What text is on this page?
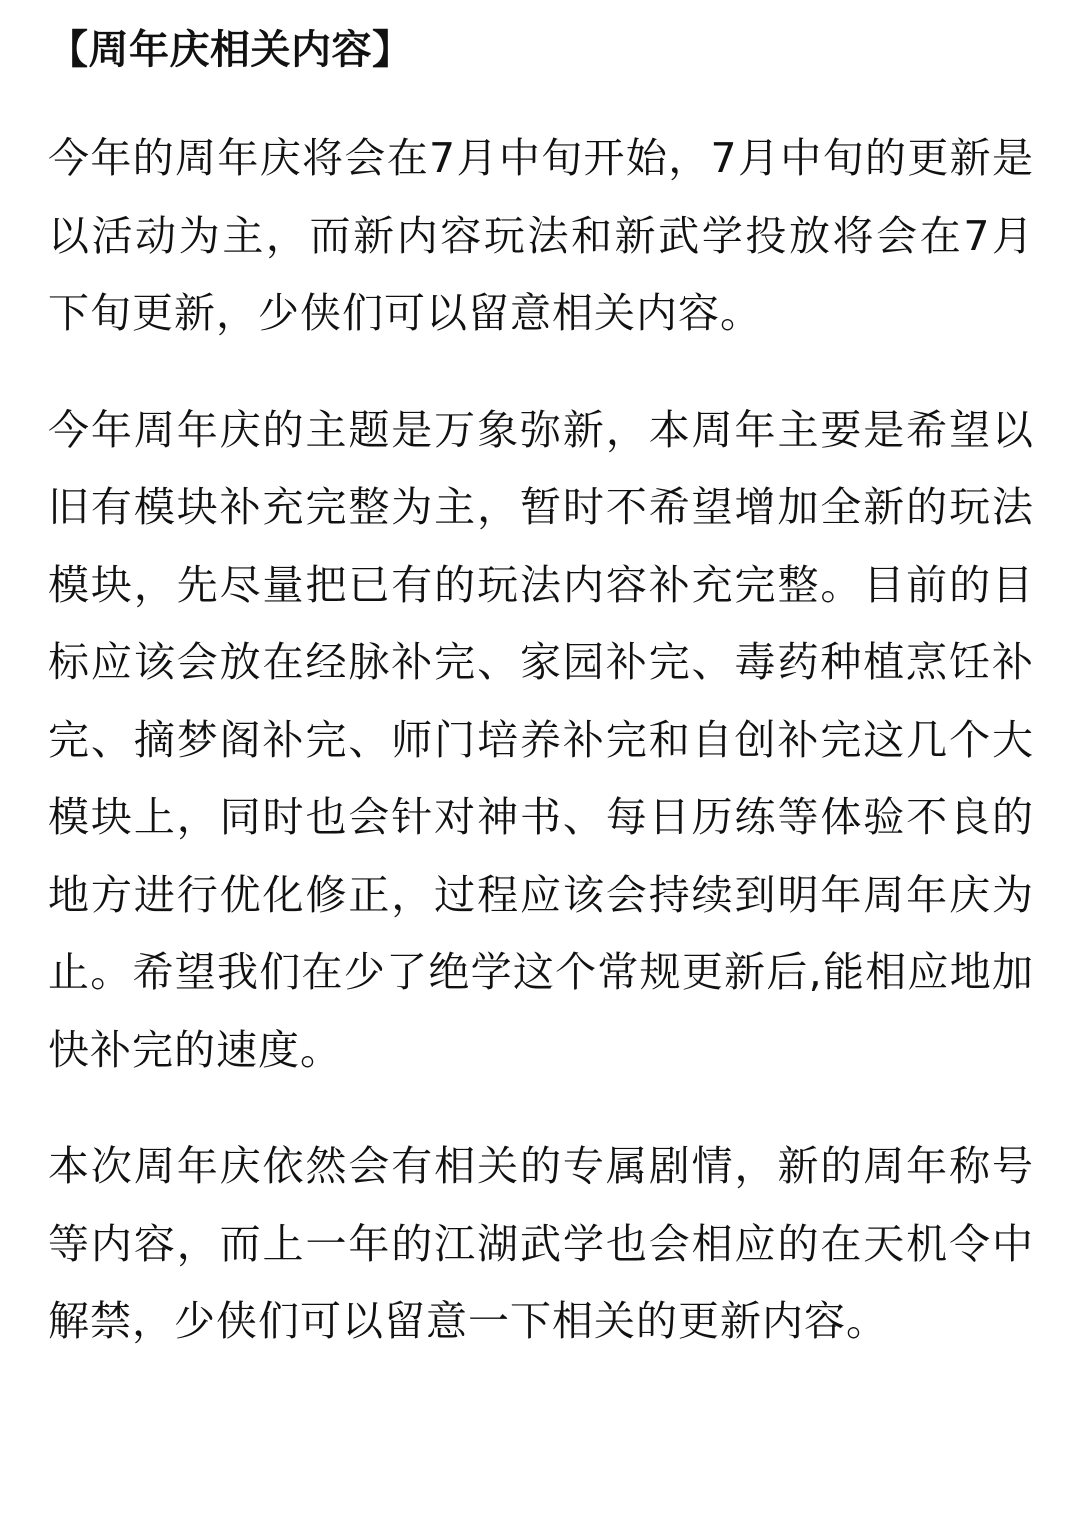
【周年庆相关内容】

今年的周年庆将会在7月中旬开始，7月中旬的更新是以活动为主，而新内容玩法和新武学投放将会在7月下旬更新，少侠们可以留意相关内容。

今年周年庆的主题是万象弥新，本周年主要是希望以旧有模块补充完整为主，暂时不希望增加全新的玩法模块，先尽量把已有的玩法内容补充完整。目前的目标应该会放在经脉补完、家园补完、毒药种植烹饪补完、摘梦阁补完、师门培养补完和自创补完这几个大模块上，同时也会针对神书、每日历练等体验不良的地方进行优化修正，过程应该会持续到明年周年庆为止。希望我们在少了绝学这个常规更新后,能相应地加快补完的速度。

本次周年庆依然会有相关的专属剧情，新的周年称号等内容，而上一年的江湖武学也会相应的在天机令中解禁，少侠们可以留意一下相关的更新内容。
